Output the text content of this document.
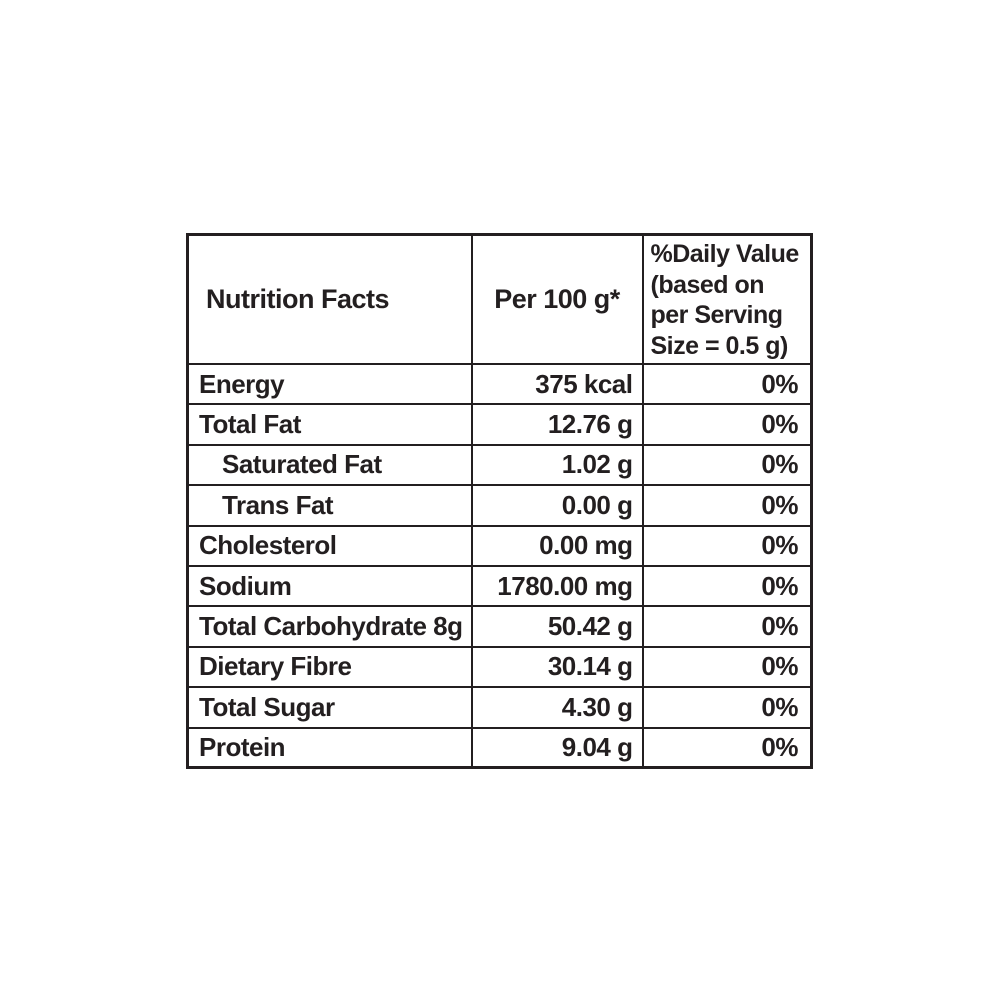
Nutrition Facts	Per 100 g*	%Daily Value
(based on
per Serving
Size = 0.5 g)

Energy	375 kcal	0%
Total Fat	12.76 g	0%
Saturated Fat	1.02 g	0%
Trans Fat	0.00 g	0%
Cholesterol	0.00 mg	0%
Sodium	1780.00 mg	0%
Total Carbohydrate 8g	50.42 g	0%
Dietary Fibre	30.14 g	0%
Total Sugar	4.30 g	0%
Protein	9.04 g	0%
